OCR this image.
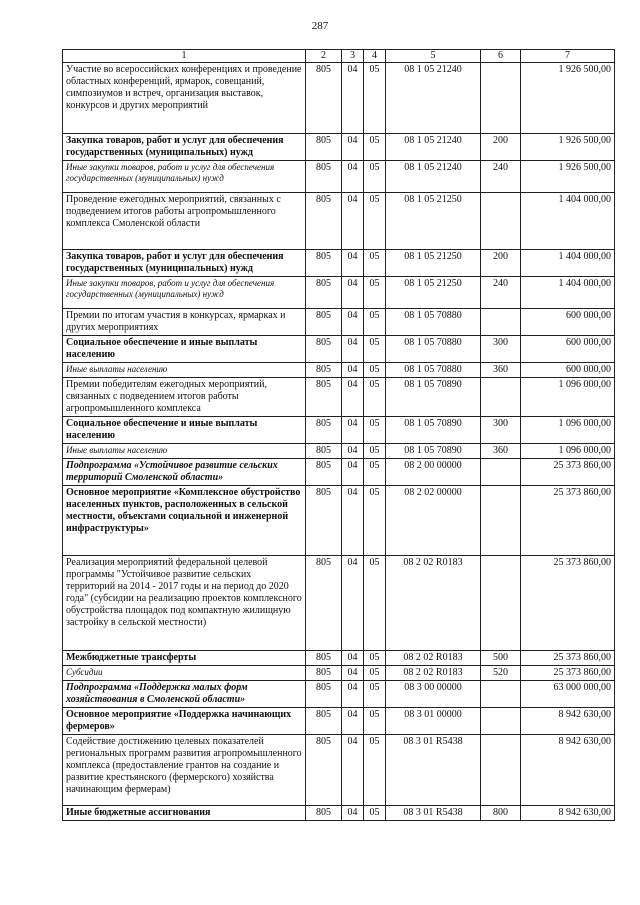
287
1	2	3	4	5	6	7
Участие во всероссийских конференциях и проведение областных конференций, ярмарок, совещаний, симпозиумов и встреч, организация выставок, конкурсов и других мероприятий	805	04	05	08 1 05 21240		1 926 500,00
Закупка товаров, работ и услуг для обеспечения государственных (муниципальных) нужд	805	04	05	08 1 05 21240	200	1 926 500,00
Иные закупки товаров, работ и услуг для обеспечения государственных (муниципальных) нужд	805	04	05	08 1 05 21240	240	1 926 500,00
Проведение ежегодных мероприятий, связанных с подведением итогов работы агропромышленного комплекса Смоленской области	805	04	05	08 1 05 21250		1 404 000,00
Закупка товаров, работ и услуг для обеспечения государственных (муниципальных) нужд	805	04	05	08 1 05 21250	200	1 404 000,00
Иные закупки товаров, работ и услуг для обеспечения государственных (муниципальных) нужд	805	04	05	08 1 05 21250	240	1 404 000,00
Премии по итогам участия в конкурсах, ярмарках и других мероприятиях	805	04	05	08 1 05 70880		600 000,00
Социальное обеспечение и иные выплаты населению	805	04	05	08 1 05 70880	300	600 000,00
Иные выплаты населению	805	04	05	08 1 05 70880	360	600 000,00
Премии победителям ежегодных мероприятий, связанных с подведением итогов работы агропромышленного комплекса	805	04	05	08 1 05 70890		1 096 000,00
Социальное обеспечение и иные выплаты населению	805	04	05	08 1 05 70890	300	1 096 000,00
Иные выплаты населению	805	04	05	08 1 05 70890	360	1 096 000,00
Подпрограмма «Устойчивое развитие сельских территорий Смоленской области»	805	04	05	08 2 00 00000		25 373 860,00
Основное мероприятие «Комплексное обустройство населенных пунктов, расположенных в сельской местности, объектами социальной и инженерной инфраструктуры»	805	04	05	08 2 02 00000		25 373 860,00
Реализация мероприятий федеральной целевой программы "Устойчивое развитие сельских территорий на 2014 - 2017 годы и на период до 2020 года" (субсидии на реализацию проектов комплексного обустройства площадок под компактную жилищную застройку в сельской местности)	805	04	05	08 2 02 R0183		25 373 860,00
Межбюджетные трансферты	805	04	05	08 2 02 R0183	500	25 373 860,00
Субсидии	805	04	05	08 2 02 R0183	520	25 373 860,00
Подпрограмма «Поддержка малых форм хозяйствования в Смоленской области»	805	04	05	08 3 00 00000		63 000 000,00
Основное мероприятие «Поддержка начинающих фермеров»	805	04	05	08 3 01 00000		8 942 630,00
Содействие достижению целевых показателей региональных программ развития агропромышленного комплекса (предоставление грантов на создание и развитие крестьянского (фермерского) хозяйства начинающим фермерам)	805	04	05	08 3 01 R5438		8 942 630,00
Иные бюджетные ассигнования	805	04	05	08 3 01 R5438	800	8 942 630,00
